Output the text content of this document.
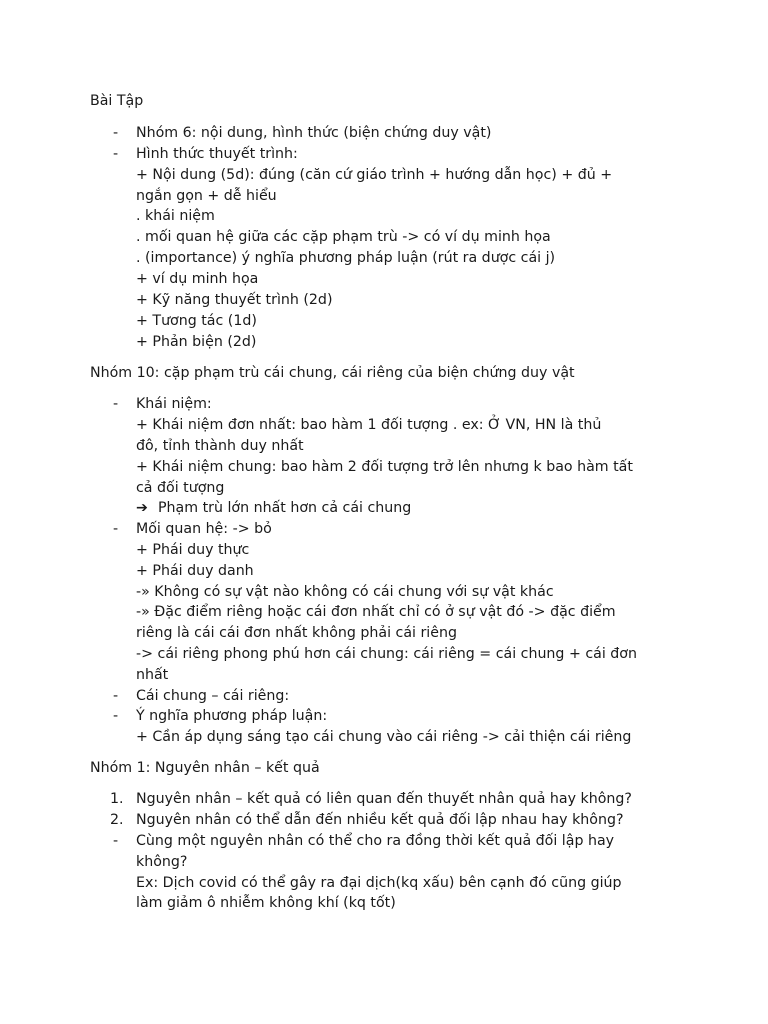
Bài Tập
- Nhóm 6: nội dung, hình thức (biện chứng duy vật)
- Hình thức thuyết trình:
+ Nội dung (5d): đúng (căn cứ giáo trình + hướng dẫn học) + đủ +
ngắn gọn + dễ hiểu
. khái niệm
. mối quan hệ giữa các cặp phạm trù -> có ví dụ minh họa
. (importance) ý nghĩa phương pháp luận (rút ra dược cái j)
+ ví dụ minh họa
+ Kỹ năng thuyết trình (2d)
+ Tương tác (1d)
+ Phản biện (2d)
Nhóm 10: cặp phạm trù cái chung, cái riêng của biện chứng duy vật
- Khái niệm:
+ Khái niệm đơn nhất: bao hàm 1 đối tượng . ex: Ở VN, HN là thủ
đô, tỉnh thành duy nhất
+ Khái niệm chung: bao hàm 2 đối tượng trở lên nhưng k bao hàm tất
cả đối tượng
➔ Phạm trù lớn nhất hơn cả cái chung
- Mối quan hệ: -> bỏ
+ Phái duy thực
+ Phái duy danh
-» Không có sự vật nào không có cái chung với sự vật khác
-» Đặc điểm riêng hoặc cái đơn nhất chỉ có ở sự vật đó -> đặc điểm
riêng là cái cái đơn nhất không phải cái riêng
-> cái riêng phong phú hơn cái chung: cái riêng = cái chung + cái đơn
nhất
- Cái chung – cái riêng:
- Ý nghĩa phương pháp luận:
+ Cần áp dụng sáng tạo cái chung vào cái riêng -> cải thiện cái riêng
Nhóm 1: Nguyên nhân – kết quả
1. Nguyên nhân – kết quả có liên quan đến thuyết nhân quả hay không?
2. Nguyên nhân có thể dẫn đến nhiều kết quả đối lập nhau hay không?
- Cùng một nguyên nhân có thể cho ra đồng thời kết quả đối lập hay
không?
Ex: Dịch covid có thể gây ra đại dịch(kq xấu) bên cạnh đó cũng giúp
làm giảm ô nhiễm không khí (kq tốt)
